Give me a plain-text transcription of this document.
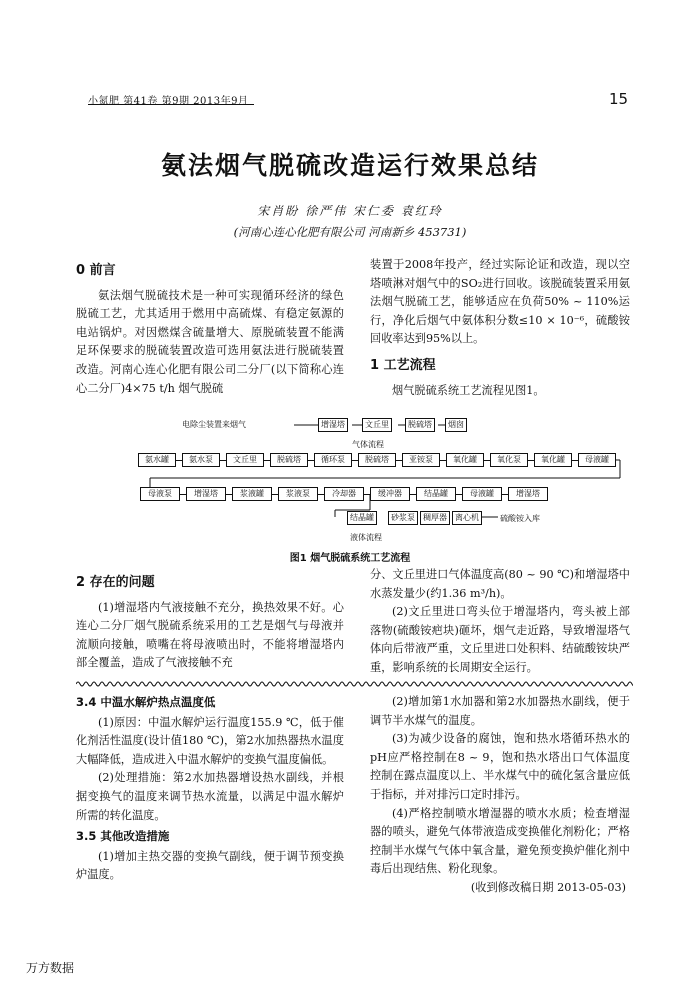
小氮肥 第41卷 第9期 2013年9月	15
氨法烟气脱硫改造运行效果总结
宋肖盼 徐严伟 宋仁委 袁红玲
(河南心连心化肥有限公司 河南新乡 453731)
0 前言

氨法烟气脱硫技术是一种可实现循环经济的绿色脱硫工艺，尤其适用于燃用中高硫煤、有稳定氨源的电站锅炉。对因燃煤含硫量增大、原脱硫装置不能满足环保要求的脱硫装置改造可选用氨法进行脱硫装置改造。河南心连心化肥有限公司二分厂(以下简称心连心二分厂)4×75 t/h 烟气脱硫

装置于2008年投产，经过实际论证和改造，现以空塔喷淋对烟气中的SO₂进行回收。该脱硫装置采用氨法烟气脱硫工艺，能够适应在负荷50% ~ 110%运行，净化后烟气中氨体积分数≤10 × 10⁻⁶，硫酸铵回收率达到95%以上。

1 工艺流程

烟气脱硫系统工艺流程见图1。

电除尘装置来烟气	增湿塔	文丘里	脱硫塔	烟囱
气体流程
氨水罐	氨水泵	文丘里	脱硫塔	循环泵	脱硫塔	亚铵泵	氧化罐	氧化泵	氧化罐	母液罐
母液泵	增湿塔	浆液罐	浆液泵	冷却器	缓冲器	结晶罐	母液罐	增湿塔
结晶罐	砂浆泵	稠厚器	离心机	硫酸铵入库
液体流程
图1 烟气脱硫系统工艺流程
2 存在的问题

(1)增湿塔内气液接触不充分，换热效果不好。心连心二分厂烟气脱硫系统采用的工艺是烟气与母液并流顺向接触，喷嘴在将母液喷出时，不能将增湿塔内部全覆盖，造成了气液接触不充

分、文丘里进口气体温度高(80 ~ 90 ℃)和增湿塔中水蒸发量少(约1.36 m³/h)。

(2)文丘里进口弯头位于增湿塔内，弯头被上部落物(硫酸铵疤块)砸坏，烟气走近路，导致增湿塔气体向后带液严重，文丘里进口处积料、结硫酸铵块严重，影响系统的长周期安全运行。

3.4 中温水解炉热点温度低

(1)原因：中温水解炉运行温度155.9 ℃，低于催化剂活性温度(设计值180 ℃)，第2水加热器热水温度大幅降低，造成进入中温水解炉的变换气温度偏低。

(2)处理措施：第2水加热器增设热水副线，并根据变换气的温度来调节热水流量，以满足中温水解炉所需的转化温度。

3.5 其他改造措施

(1)增加主热交器的变换气副线，便于调节预变换炉温度。

(2)增加第1水加器和第2水加器热水副线，便于调节半水煤气的温度。

(3)为减少设备的腐蚀，饱和热水塔循环热水的pH应严格控制在8 ~ 9，饱和热水塔出口气体温度控制在露点温度以上、半水煤气中的硫化氢含量应低于指标，并对排污口定时排污。

(4)严格控制喷水增湿器的喷水水质；检查增湿器的喷头，避免气体带液造成变换催化剂粉化；严格控制半水煤气气体中氧含量，避免预变换炉催化剂中毒后出现结焦、粉化现象。

(收到修改稿日期 2013-05-03)
万方数据
